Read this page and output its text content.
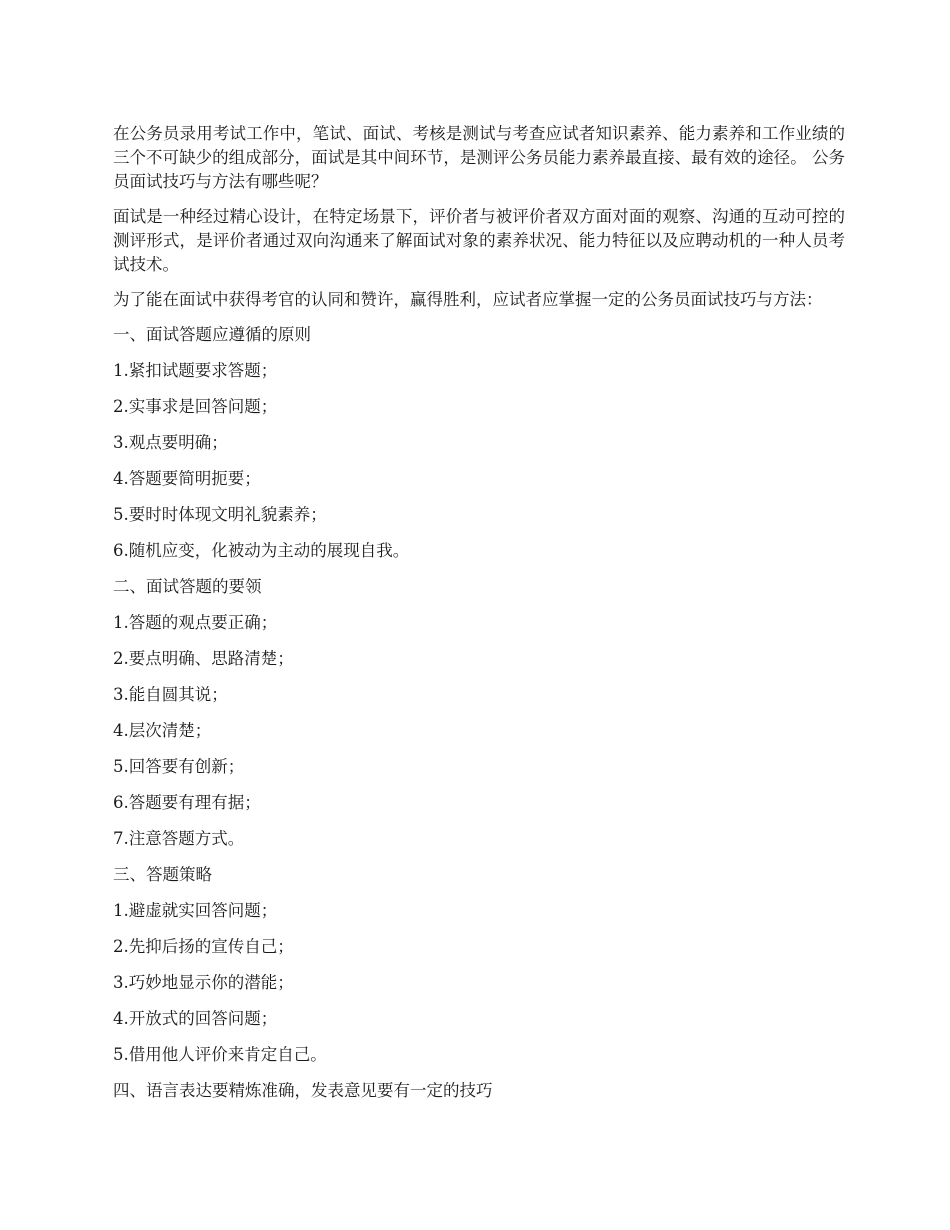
在公务员录用考试工作中，笔试、面试、考核是测试与考查应试者知识素养、能力素养和工作业绩的三个不可缺少的组成部分，面试是其中间环节，是测评公务员能力素养最直接、最有效的途径。 公务员面试技巧与方法有哪些呢？

面试是一种经过精心设计，在特定场景下，评价者与被评价者双方面对面的观察、沟通的互动可控的测评形式，是评价者通过双向沟通来了解面试对象的素养状况、能力特征以及应聘动机的一种人员考试技术。

为了能在面试中获得考官的认同和赞许，赢得胜利，应试者应掌握一定的公务员面试技巧与方法：

一、面试答题应遵循的原则

1.紧扣试题要求答题；

2.实事求是回答问题；

3.观点要明确；

4.答题要简明扼要；

5.要时时体现文明礼貌素养；

6.随机应变，化被动为主动的展现自我。

二、面试答题的要领

1.答题的观点要正确；

2.要点明确、思路清楚；

3.能自圆其说；

4.层次清楚；

5.回答要有创新；

6.答题要有理有据；

7.注意答题方式。

三、答题策略

1.避虚就实回答问题；

2.先抑后扬的宣传自己；

3.巧妙地显示你的潜能；

4.开放式的回答问题；

5.借用他人评价来肯定自己。

四、语言表达要精炼准确，发表意见要有一定的技巧
